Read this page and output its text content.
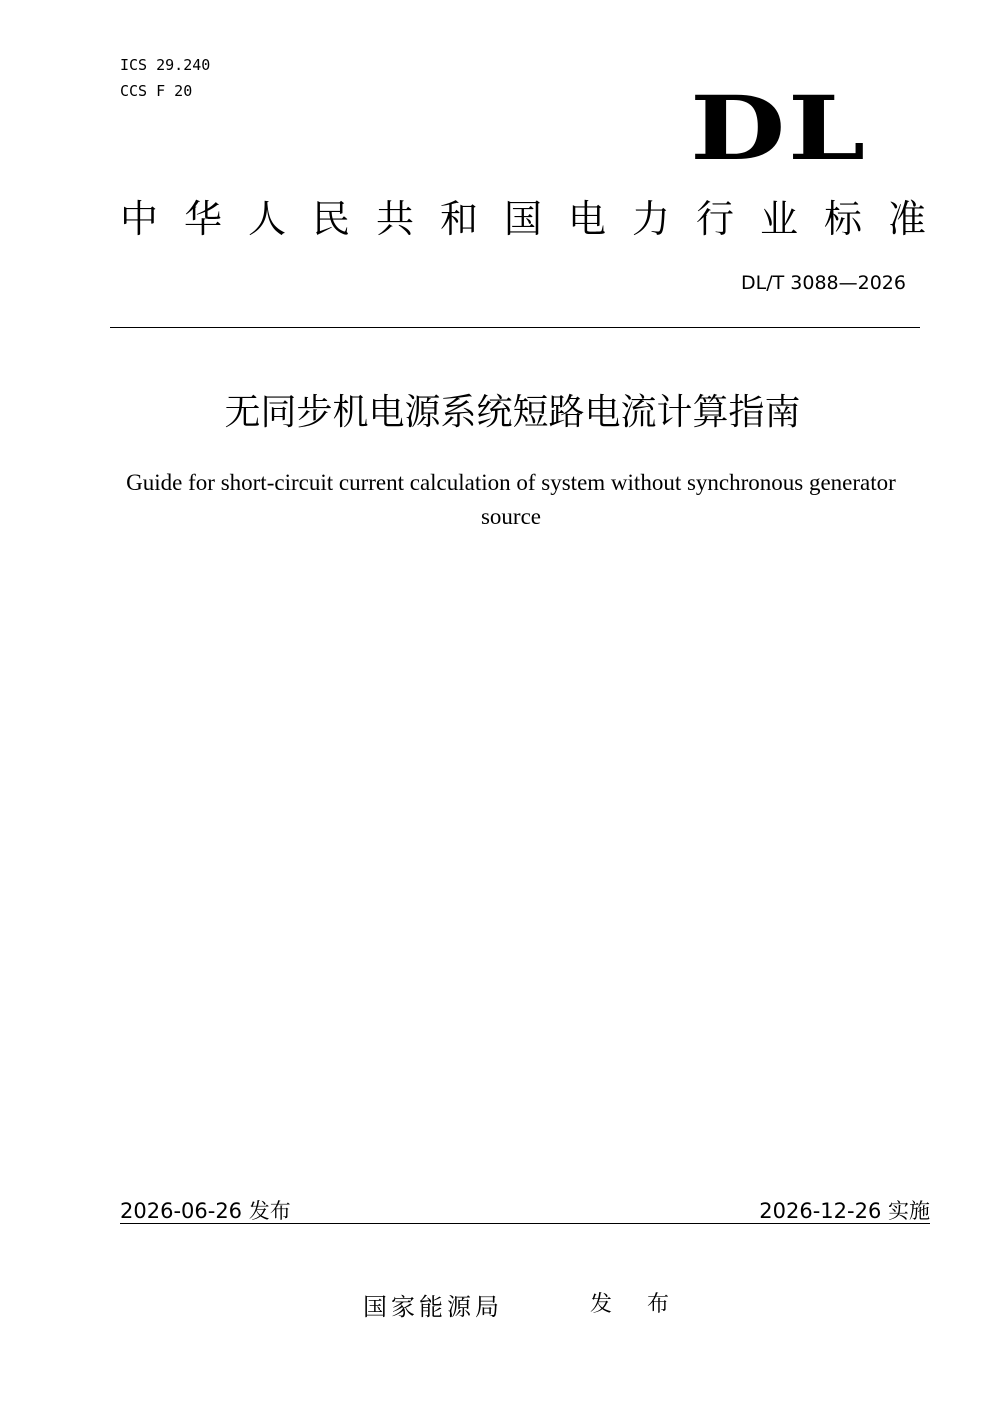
ICS 29.240
CCS F 20	DL
中华人民共和国电力行业标准
DL/T 3088—2026
无同步机电源系统短路电流计算指南
Guide for short-circuit current calculation of system without synchronous generator source
2026-06-26 发布	2026-12-26 实施
国家能源局	发 布
